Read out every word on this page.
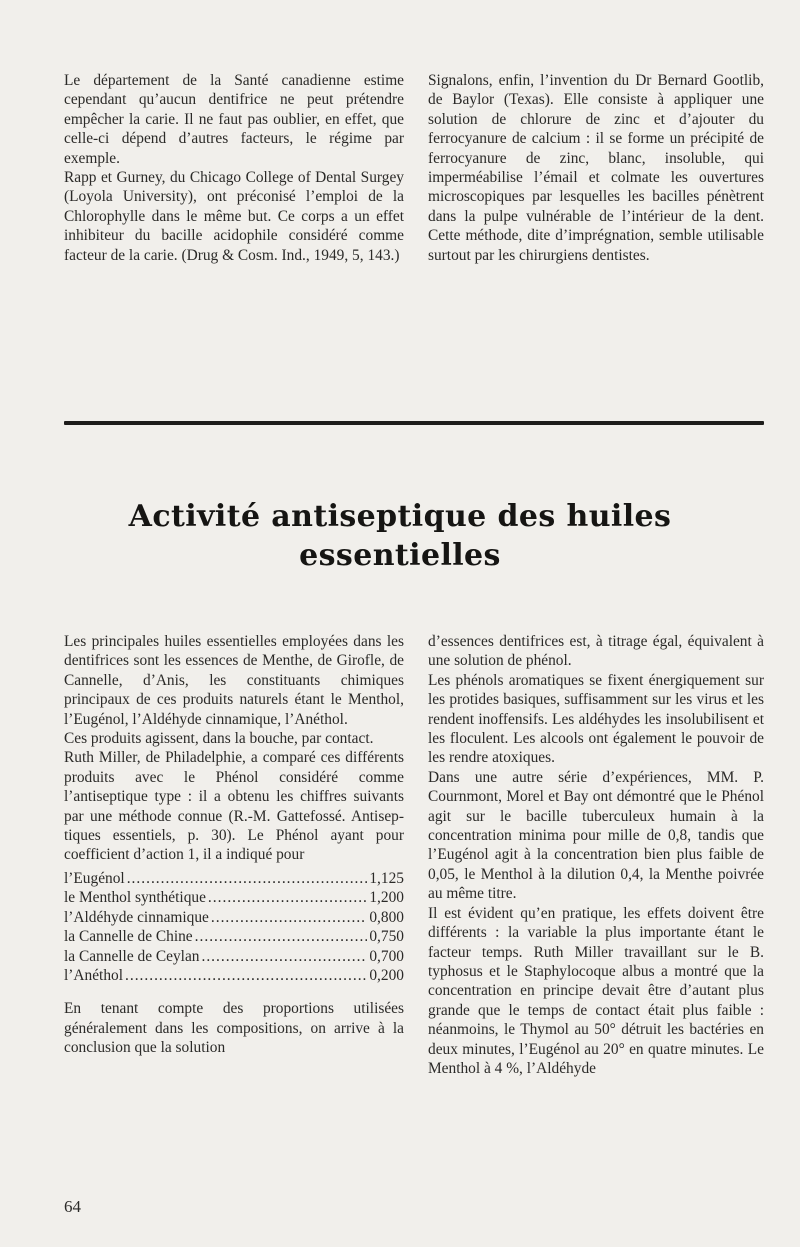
Le département de la Santé canadienne estime cependant qu’aucun dentifrice ne peut prétendre empêcher la carie. Il ne faut pas oublier, en effet, que celle-ci dépend d’autres facteurs, le régime par exemple.

Rapp et Gurney, du Chicago College of Dental Surgey (Loyola University), ont préconisé l’emploi de la Chlorophylle dans le même but. Ce corps a un effet inhibiteur du bacille acidophile considéré comme facteur de la carie. (Drug & Cosm. Ind., 1949, 5, 143.)

Signalons, enfin, l’invention du Dr Bernard Gootlib, de Baylor (Texas). Elle consiste à appliquer une solution de chlorure de zinc et d’ajouter du ferrocyanure de calcium : il se forme un précipité de ferrocyanure de zinc, blanc, insoluble, qui imperméabilise l’émail et colmate les ouvertures microscopiques par lesquelles les bacilles pénètrent dans la pulpe vulnérable de l’intérieur de la dent. Cette méthode, dite d’imprégnation, semble utilisable surtout par les chirurgiens dentistes.

Activité antiseptique des huiles essentielles

Les principales huiles essentielles employées dans les dentifrices sont les essences de Menthe, de Girofle, de Cannelle, d’Anis, les constituants chimiques principaux de ces produits naturels étant le Menthol, l’Eugénol, l’Aldéhyde cinnamique, l’Anéthol.

Ces produits agissent, dans la bouche, par contact.

Ruth Miller, de Philadelphie, a comparé ces différents produits avec le Phénol considéré comme l’antiseptique type : il a obtenu les chiffres suivants par une méthode connue (R.-M. Gattefossé. Antiseptiques essentiels, p. 30). Le Phénol ayant pour coefficient d’action 1, il a indiqué pour

l’Eugénol .....	1,125
le Menthol synthétique .....	1,200
l’Aldéhyde cinnamique .....	0,800
la Cannelle de Chine .....	0,750
la Cannelle de Ceylan .....	0,700
l’Anéthol .....	0,200

En tenant compte des proportions utilisées généralement dans les compositions, on arrive à la conclusion que la solution

d’essences dentifrices est, à titrage égal, équivalent à une solution de phénol.

Les phénols aromatiques se fixent énergiquement sur les protides basiques, suffisamment sur les virus et les rendent inoffensifs. Les aldéhydes les insolubilisent et les floculent. Les alcools ont également le pouvoir de les rendre atoxiques.

Dans une autre série d’expériences, MM. P. Cournmont, Morel et Bay ont démontré que le Phénol agit sur le bacille tuberculeux humain à la concentration minima pour mille de 0,8, tandis que l’Eugénol agit à la concentration bien plus faible de 0,05, le Menthol à la dilution 0,4, la Menthe poivrée au même titre.

Il est évident qu’en pratique, les effets doivent être différents : la variable la plus importante étant le facteur temps. Ruth Miller travaillant sur le B. typhosus et le Staphylocoque albus a montré que la concentration en principe devait être d’autant plus grande que le temps de contact était plus faible : néanmoins, le Thymol au 50° détruit les bactéries en deux minutes, l’Eugénol au 20° en quatre minutes. Le Menthol à 4 %, l’Aldéhyde

64
